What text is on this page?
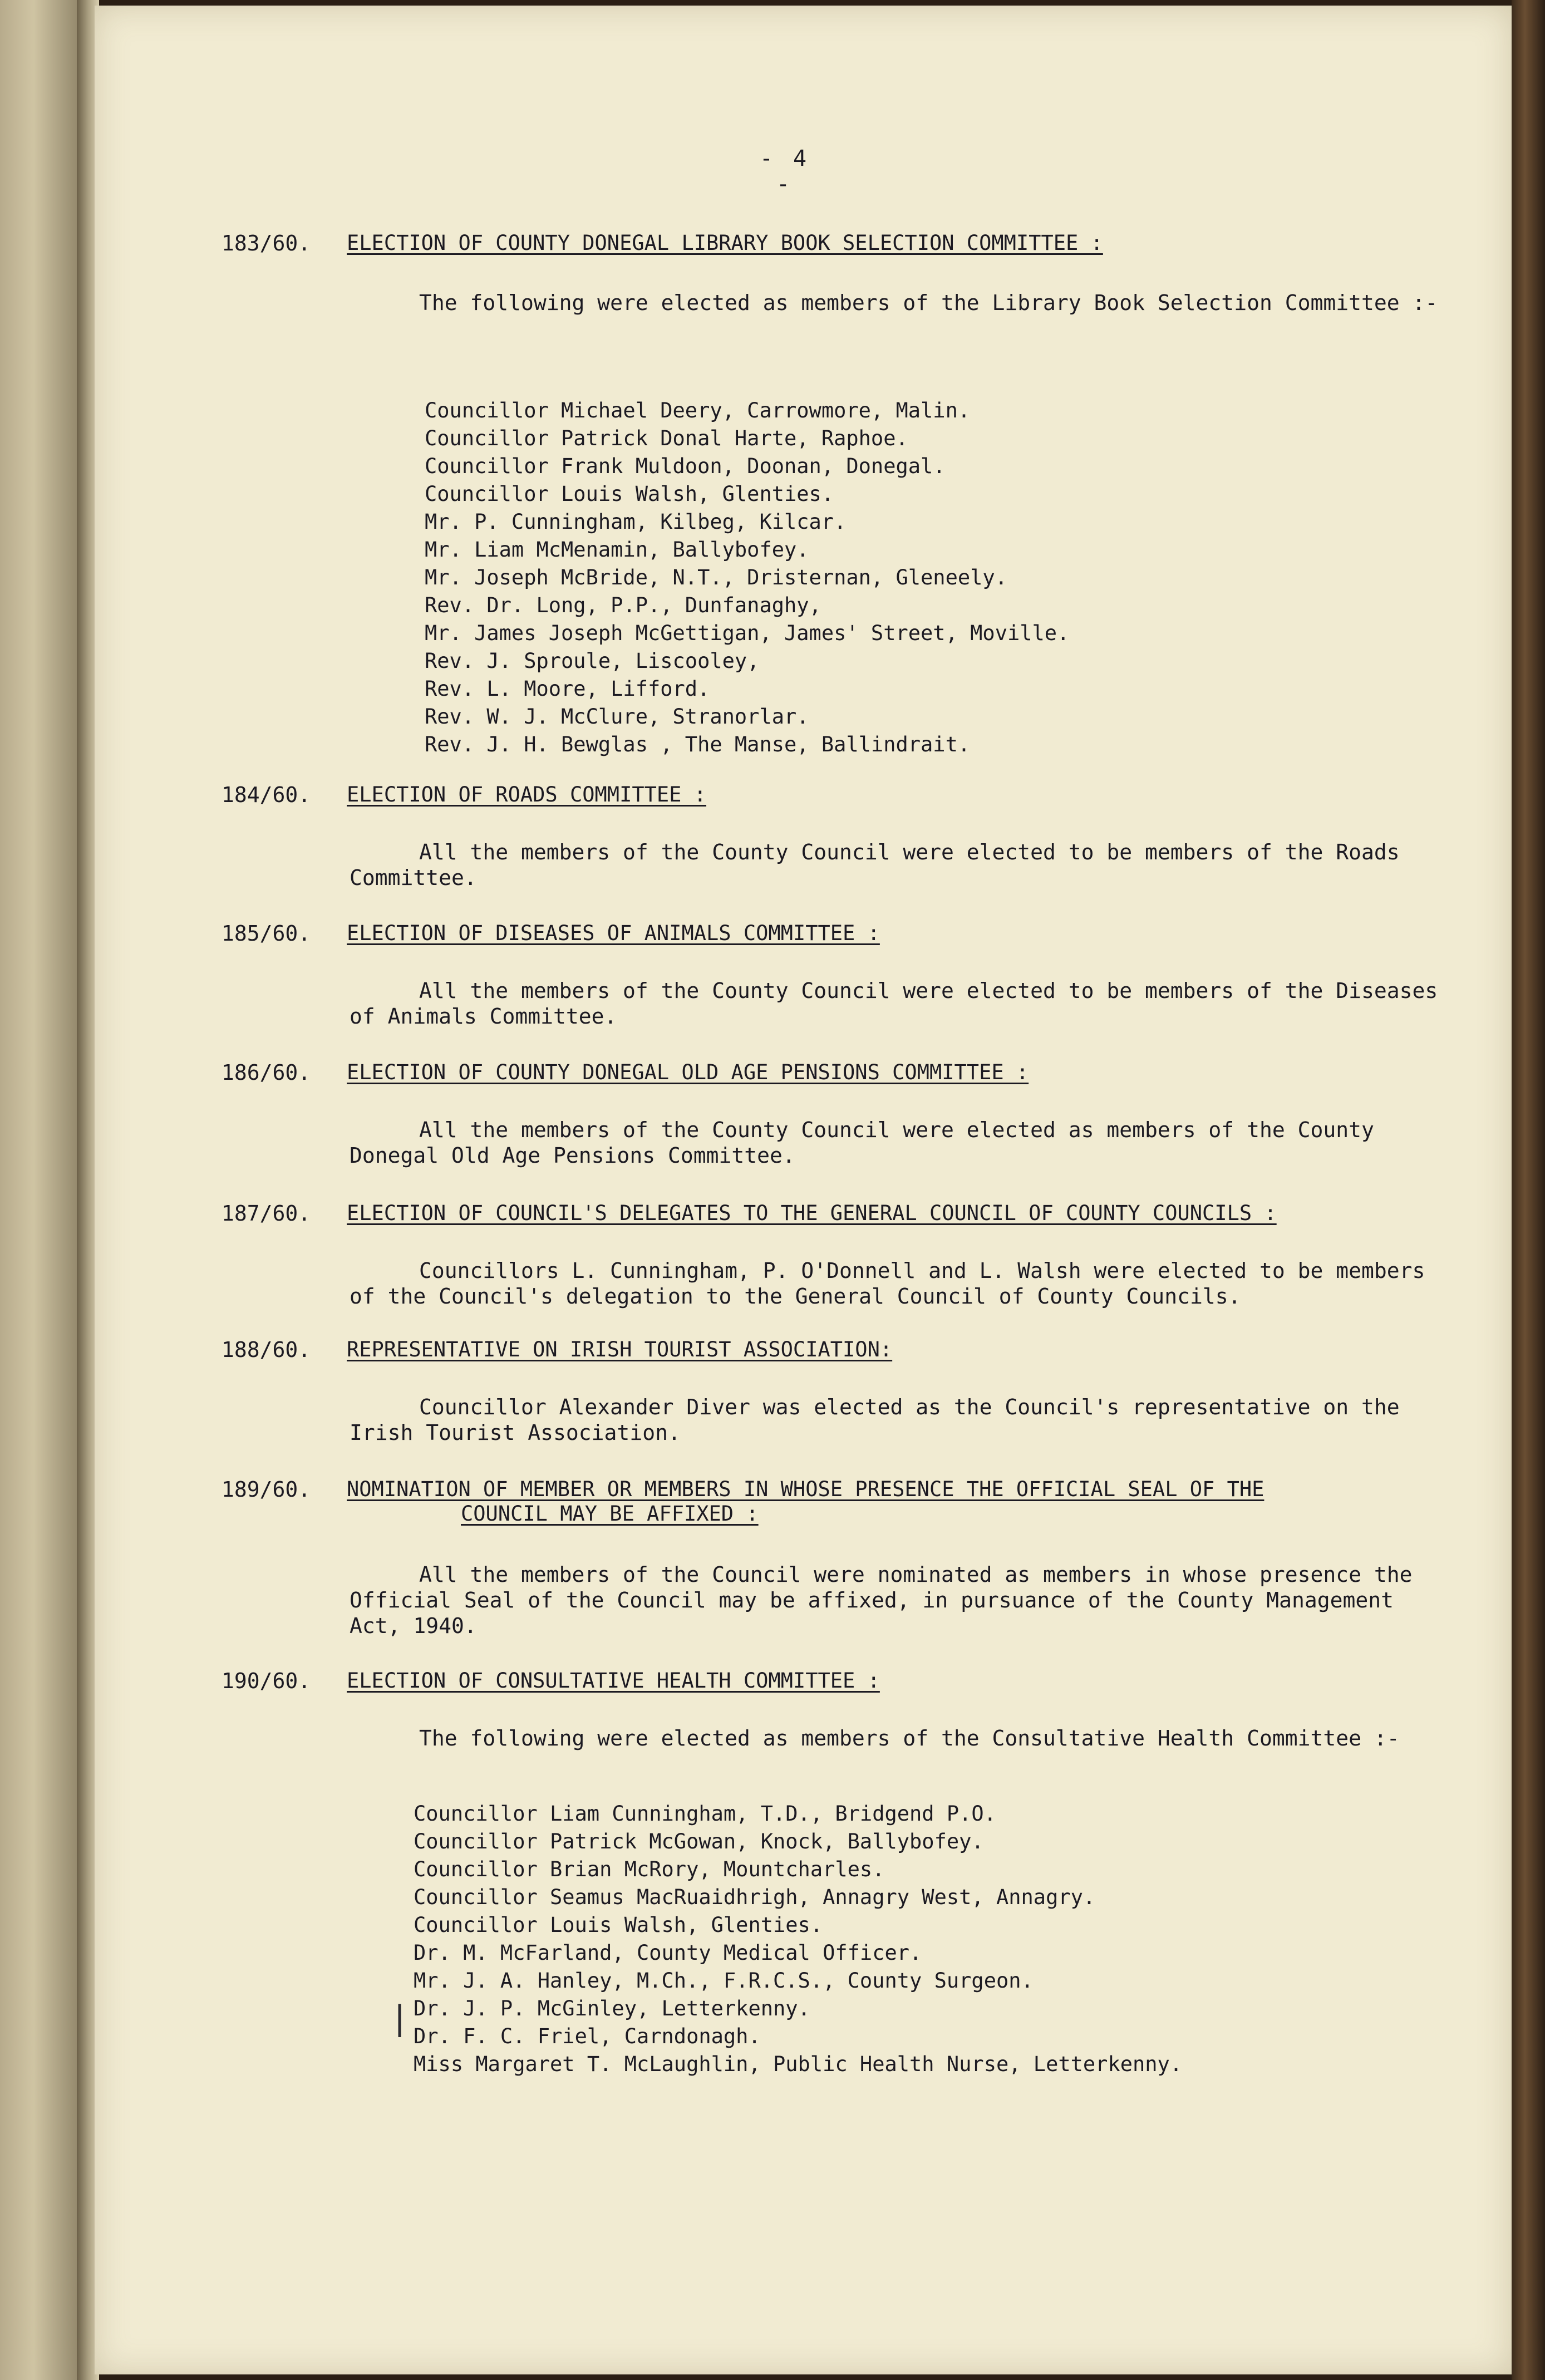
- 4 -
183/60.	ELECTION OF COUNTY DONEGAL LIBRARY BOOK SELECTION COMMITTEE :
The following were elected as members of the Library Book Selection Committee :-
Councillor Michael Deery, Carrowmore, Malin.
Councillor Patrick Donal Harte, Raphoe.
Councillor Frank Muldoon, Doonan, Donegal.
Councillor Louis Walsh, Glenties.
Mr. P. Cunningham, Kilbeg, Kilcar.
Mr. Liam McMenamin, Ballybofey.
Mr. Joseph McBride, N.T., Dristernan, Gleneely.
Rev. Dr. Long, P.P., Dunfanaghy,
Mr. James Joseph McGettigan, James' Street, Moville.
Rev. J. Sproule, Liscooley,
Rev. L. Moore, Lifford.
Rev. W. J. McClure, Stranorlar.
Rev. J. H. Bewglas , The Manse, Ballindrait.
184/60.	ELECTION OF ROADS COMMITTEE :
All the members of the County Council were elected to be members of the Roads Committee.
185/60.	ELECTION OF DISEASES OF ANIMALS COMMITTEE :
All the members of the County Council were elected to be members of the Diseases of Animals Committee.
186/60.	ELECTION OF COUNTY DONEGAL OLD AGE PENSIONS COMMITTEE :
All the members of the County Council were elected as members of the County Donegal Old Age Pensions Committee.
187/60.	ELECTION OF COUNCIL'S DELEGATES TO THE GENERAL COUNCIL OF COUNTY COUNCILS :
Councillors L. Cunningham, P. O'Donnell and L. Walsh were elected to be members of the Council's delegation to the General Council of County Councils.
188/60.	REPRESENTATIVE ON IRISH TOURIST ASSOCIATION:
Councillor Alexander Diver was elected as the Council's representative on the Irish Tourist Association.
189/60.	NOMINATION OF MEMBER OR MEMBERS IN WHOSE PRESENCE THE OFFICIAL SEAL OF THE
COUNCIL MAY BE AFFIXED :
All the members of the Council were nominated as members in whose presence the Official Seal of the Council may be affixed, in pursuance of the County Management Act, 1940.
190/60.	ELECTION OF CONSULTATIVE HEALTH COMMITTEE :
The following were elected as members of the Consultative Health Committee :-
Councillor Liam Cunningham, T.D., Bridgend P.O.
Councillor Patrick McGowan, Knock, Ballybofey.
Councillor Brian McRory, Mountcharles.
Councillor Seamus MacRuaidhrigh, Annagry West, Annagry.
Councillor Louis Walsh, Glenties.
Dr. M. McFarland, County Medical Officer.
Mr. J. A. Hanley, M.Ch., F.R.C.S., County Surgeon.
Dr. J. P. McGinley, Letterkenny.
Dr. F. C. Friel, Carndonagh.
Miss Margaret T. McLaughlin, Public Health Nurse, Letterkenny.
|
